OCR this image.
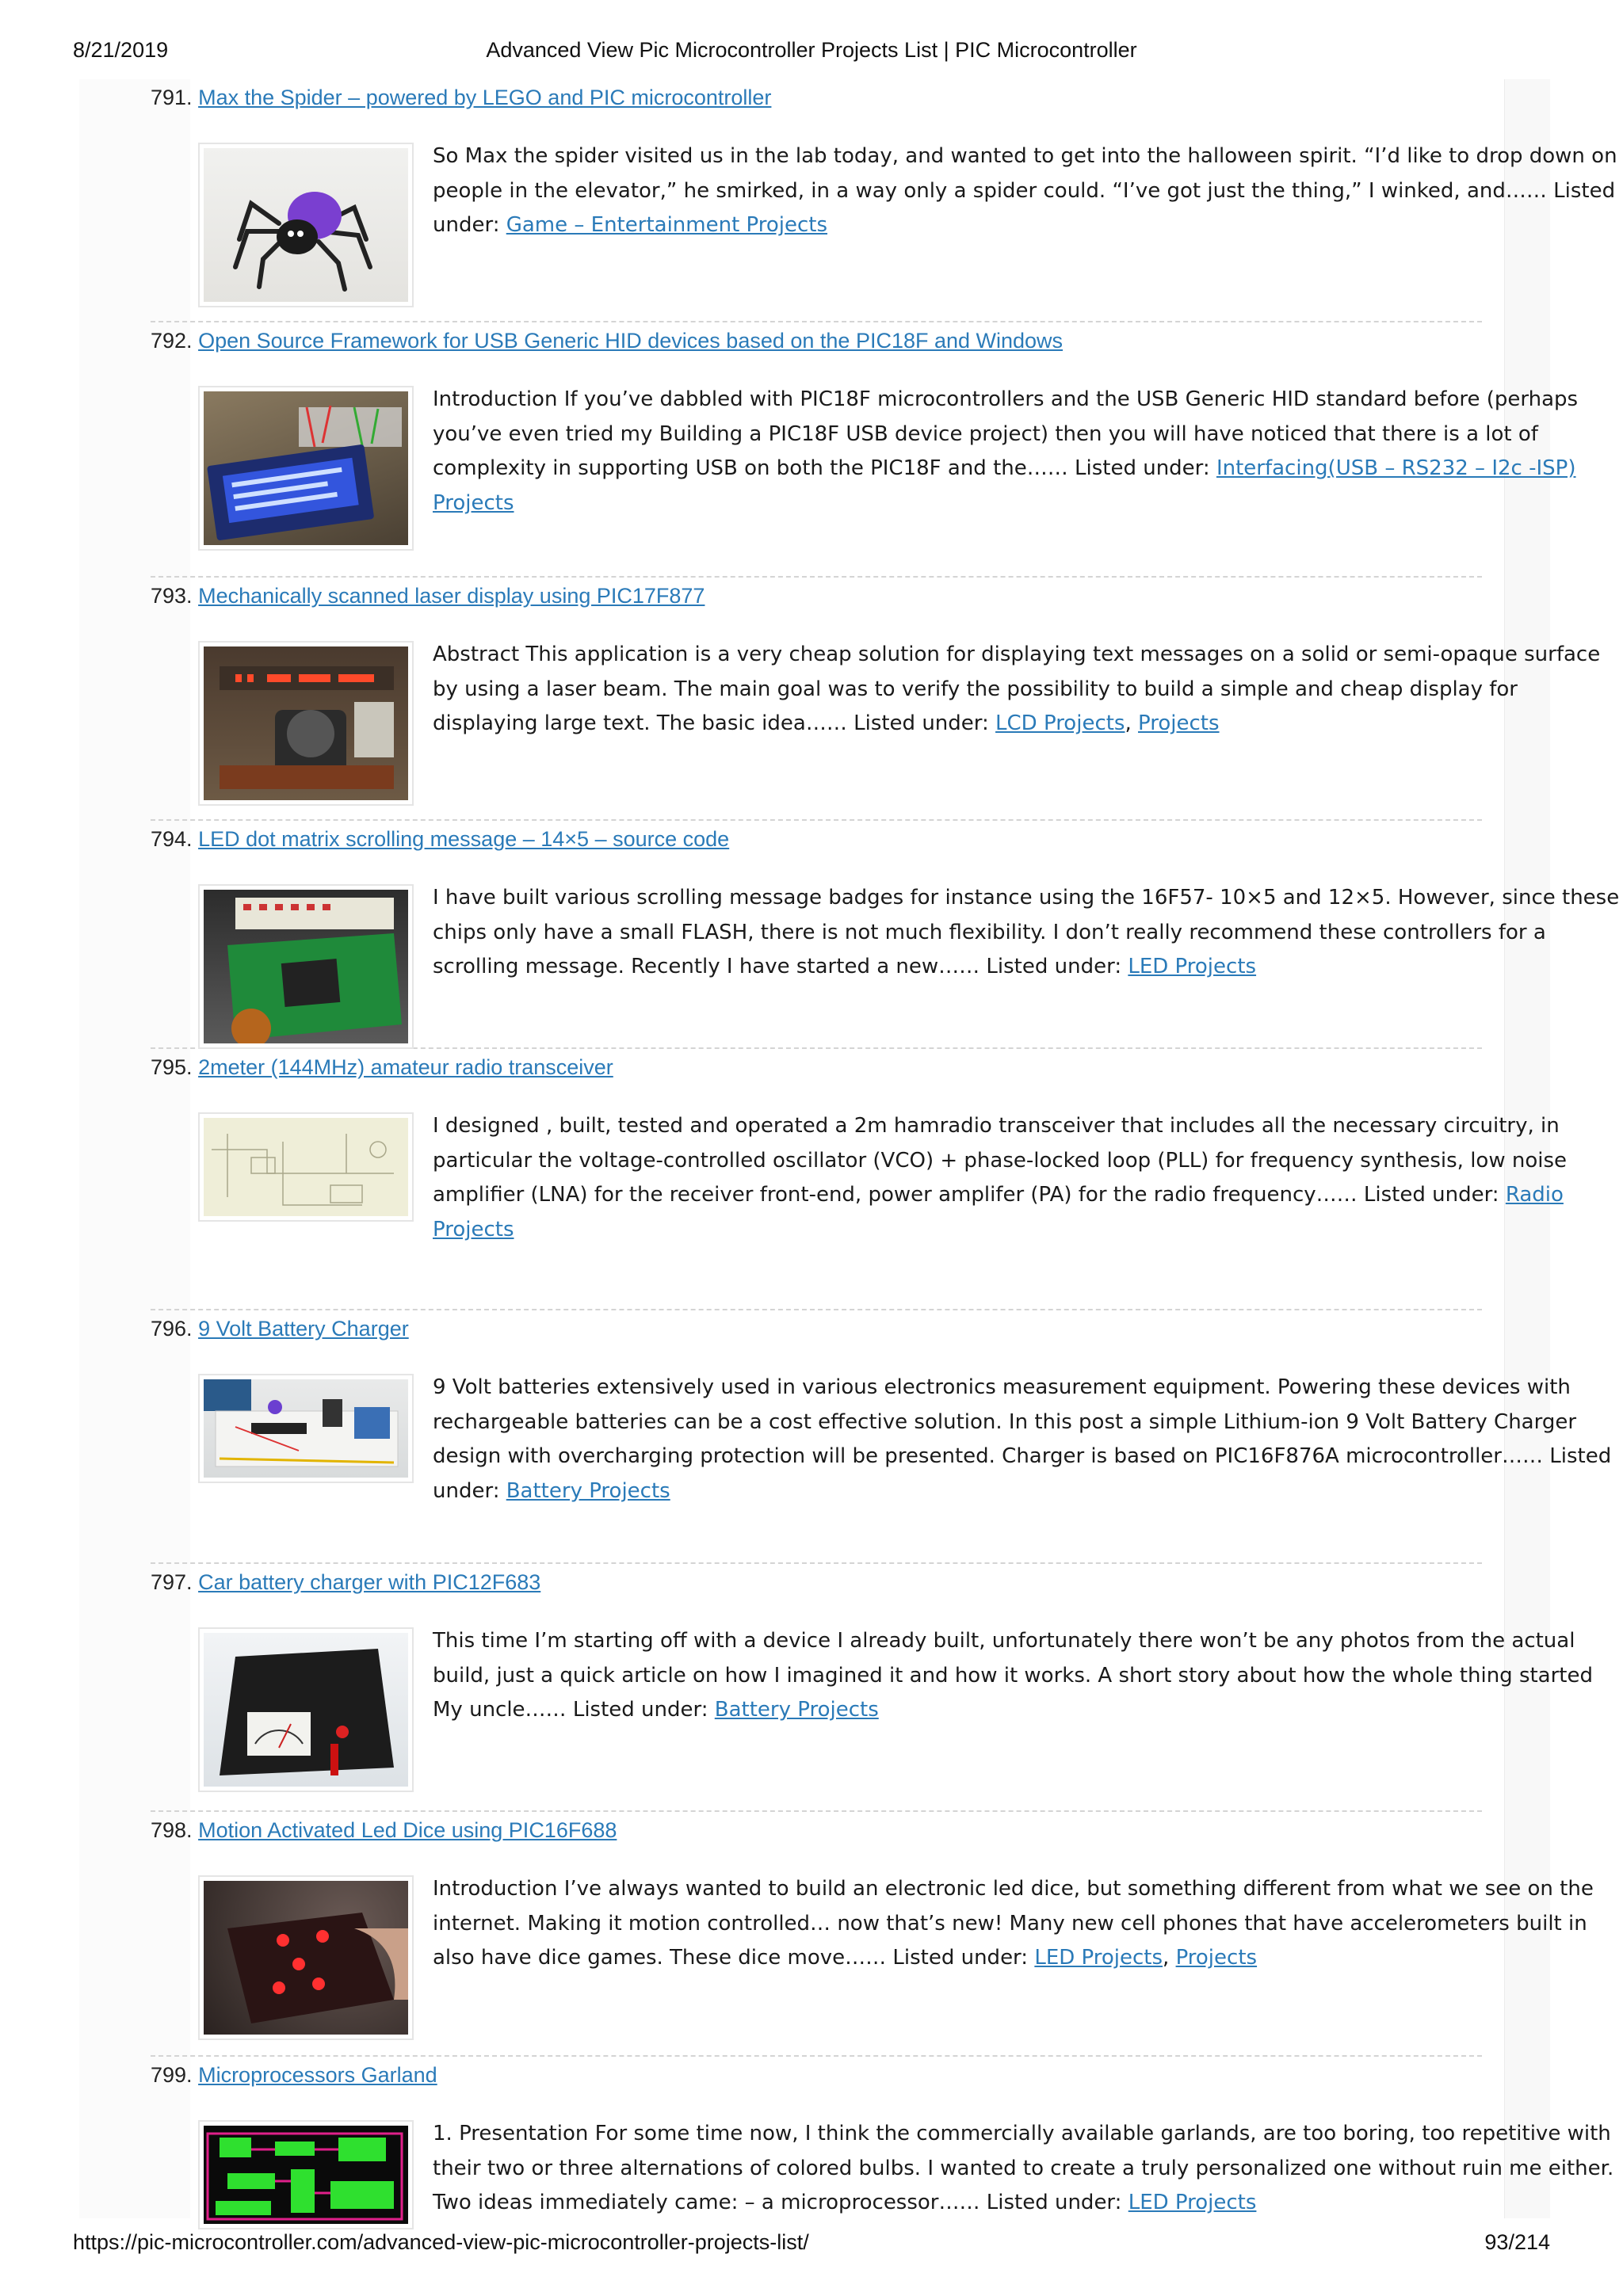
8/21/2019	Advanced View Pic Microcontroller Projects List | PIC Microcontroller
791. Max the Spider – powered by LEGO and PIC microcontroller
So Max the spider visited us in the lab today, and wanted to get into the halloween spirit. “I’d like to drop down on people in the elevator,” he smirked, in a way only a spider could. “I’ve got just the thing,” I winked, and…… Listed under: Game – Entertainment Projects
792. Open Source Framework for USB Generic HID devices based on the PIC18F and Windows
Introduction If you’ve dabbled with PIC18F microcontrollers and the USB Generic HID standard before (perhaps you’ve even tried my Building a PIC18F USB device project) then you will have noticed that there is a lot of complexity in supporting USB on both the PIC18F and the…… Listed under: Interfacing(USB – RS232 – I2c -ISP) Projects
793. Mechanically scanned laser display using PIC17F877
Abstract This application is a very cheap solution for displaying text messages on a solid or semi-opaque surface by using a laser beam. The main goal was to verify the possibility to build a simple and cheap display for displaying large text. The basic idea…… Listed under: LCD Projects, Projects
794. LED dot matrix scrolling message – 14×5 – source code
I have built various scrolling message badges for instance using the 16F57- 10×5 and 12×5. However, since these chips only have a small FLASH, there is not much flexibility. I don’t really recommend these controllers for a scrolling message. Recently I have started a new…… Listed under: LED Projects
795. 2meter (144MHz) amateur radio transceiver
I designed , built, tested and operated a 2m hamradio transceiver that includes all the necessary circuitry, in particular the voltage-controlled oscillator (VCO) + phase-locked loop (PLL) for frequency synthesis, low noise amplifier (LNA) for the receiver front-end, power amplifer (PA) for the radio frequency…… Listed under: Radio Projects
796. 9 Volt Battery Charger
9 Volt batteries extensively used in various electronics measurement equipment. Powering these devices with rechargeable batteries can be a cost effective solution. In this post a simple Lithium-ion 9 Volt Battery Charger design with overcharging protection will be presented. Charger is based on PIC16F876A microcontroller…… Listed under: Battery Projects
797. Car battery charger with PIC12F683
This time I’m starting off with a device I already built, unfortunately there won’t be any photos from the actual build, just a quick article on how I imagined it and how it works. A short story about how the whole thing started My uncle…… Listed under: Battery Projects
798. Motion Activated Led Dice using PIC16F688
Introduction I’ve always wanted to build an electronic led dice, but something different from what we see on the internet. Making it motion controlled… now that’s new! Many new cell phones that have accelerometers built in also have dice games. These dice move…… Listed under: LED Projects, Projects
799. Microprocessors Garland
1. Presentation For some time now, I think the commercially available garlands, are too boring, too repetitive with their two or three alternations of colored bulbs. I wanted to create a truly personalized one without ruin me either. Two ideas immediately came: – a microprocessor…… Listed under: LED Projects
https://pic-microcontroller.com/advanced-view-pic-microcontroller-projects-list/	93/214
